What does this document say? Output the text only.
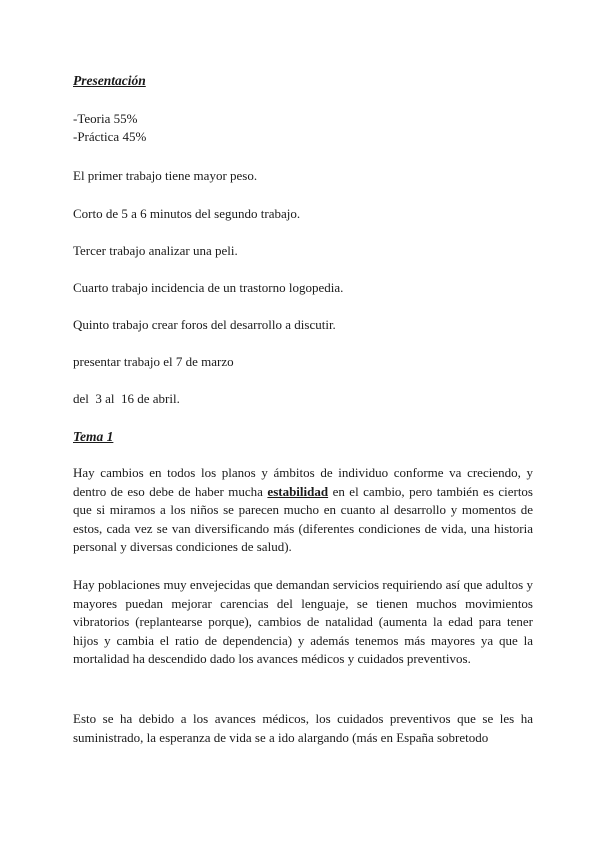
Presentación

-Teoria 55%
-Práctica 45%

El primer trabajo tiene mayor peso.

Corto de 5 a 6 minutos del segundo trabajo.

Tercer trabajo analizar una peli.

Cuarto trabajo incidencia de un trastorno logopedia.

Quinto trabajo crear foros del desarrollo a discutir.

presentar trabajo el 7 de marzo

del  3 al  16 de abril.

Tema 1

Hay cambios en todos los planos y ámbitos de individuo conforme va creciendo, y dentro de eso debe de haber mucha estabilidad en el cambio, pero también es ciertos que si miramos a los niños se parecen mucho en cuanto al desarrollo y momentos de estos, cada vez se van diversificando más (diferentes condiciones de vida, una historia personal y diversas condiciones de salud).

Hay poblaciones muy envejecidas que demandan servicios requiriendo así que adultos y mayores puedan mejorar carencias del lenguaje, se tienen muchos movimientos vibratorios (replantearse porque), cambios de natalidad (aumenta la edad para tener hijos y cambia el ratio de dependencia) y además tenemos más mayores ya que la mortalidad ha descendido dado los avances médicos y cuidados preventivos.

Esto se ha debido a los avances médicos, los cuidados preventivos que se les ha suministrado, la esperanza de vida se a ido alargando (más en España sobretodo
